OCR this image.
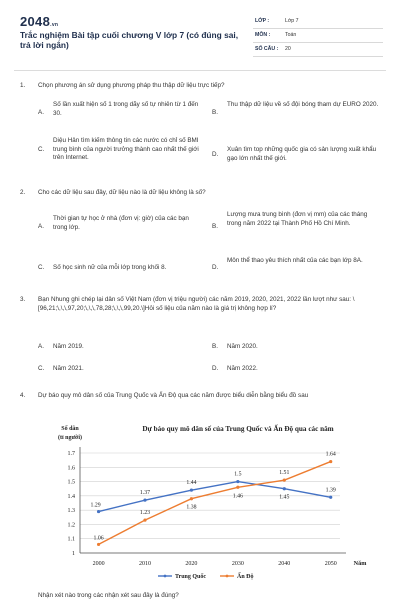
2048.vn
Trắc nghiệm Bài tập cuối chương V lớp 7 (có đúng sai, trả lời ngắn)
LỚP :	Lớp 7
MÔN :	Toán
SỐ CÂU : 20
1. Chọn phương án sử dụng phương pháp thu thập dữ liệu trực tiếp?
A.
Số lần xuất hiện số 1 trong dãy số tự nhiên từ 1 đến 30.	B.
Thu thập dữ liệu về số đội bóng tham dự EURO 2020.
C.
Diệu Hân tìm kiếm thông tin các nước có chỉ số BMI trung bình của người trưởng thành cao nhất thế giới trên Internet.	D.
Xuân tìm top những quốc gia có sản lượng xuất khẩu gạo lớn nhất thế giới.
2. Cho các dữ liệu sau đây, dữ liệu nào là dữ liệu không là số?
A.
Thời gian tự học ở nhà (đơn vị: giờ) của các bạn trong lớp.	B.
Lượng mưa trung bình (đơn vị mm) của các tháng trong năm 2022 tại Thành Phố Hồ Chí Minh.
C. Số học sinh nữ của mỗi lớp trong khối 8.	D.
Môn thể thao yêu thích nhất của các bạn lớp 8A.
3. Bạn Nhung ghi chép lại dân số Việt Nam (đơn vị triệu người) các năm 2019, 2020, 2021, 2022 lần lượt như sau: \[96,21;\,\,\,97,20;\,\,\,78,28;\,\,\,99,20.\]Hỏi số liệu của năm nào là giá trị không hợp lí?
A. Năm 2019.	B. Năm 2020.
C. Năm 2021.	D. Năm 2022.
4. Dự báo quy mô dân số của Trung Quốc và Ấn Độ qua các năm được biểu diễn bằng biểu đồ sau
Dự báo quy mô dân số của Trung Quốc và Ấn Độ qua các năm
Số dân
(tỉ người)
1
1.1
1.2
1.3
1.4
1.5
1.6
1.7
2000	2010	2020	2030	2040	2050	Năm
1.29
1.37
1.44
1.5
1.45
1.39
1.06
1.23
1.38
1.46
1.51
1.64
Trung Quốc	Ấn Độ
Nhận xét nào trong các nhận xét sau đây là đúng?
